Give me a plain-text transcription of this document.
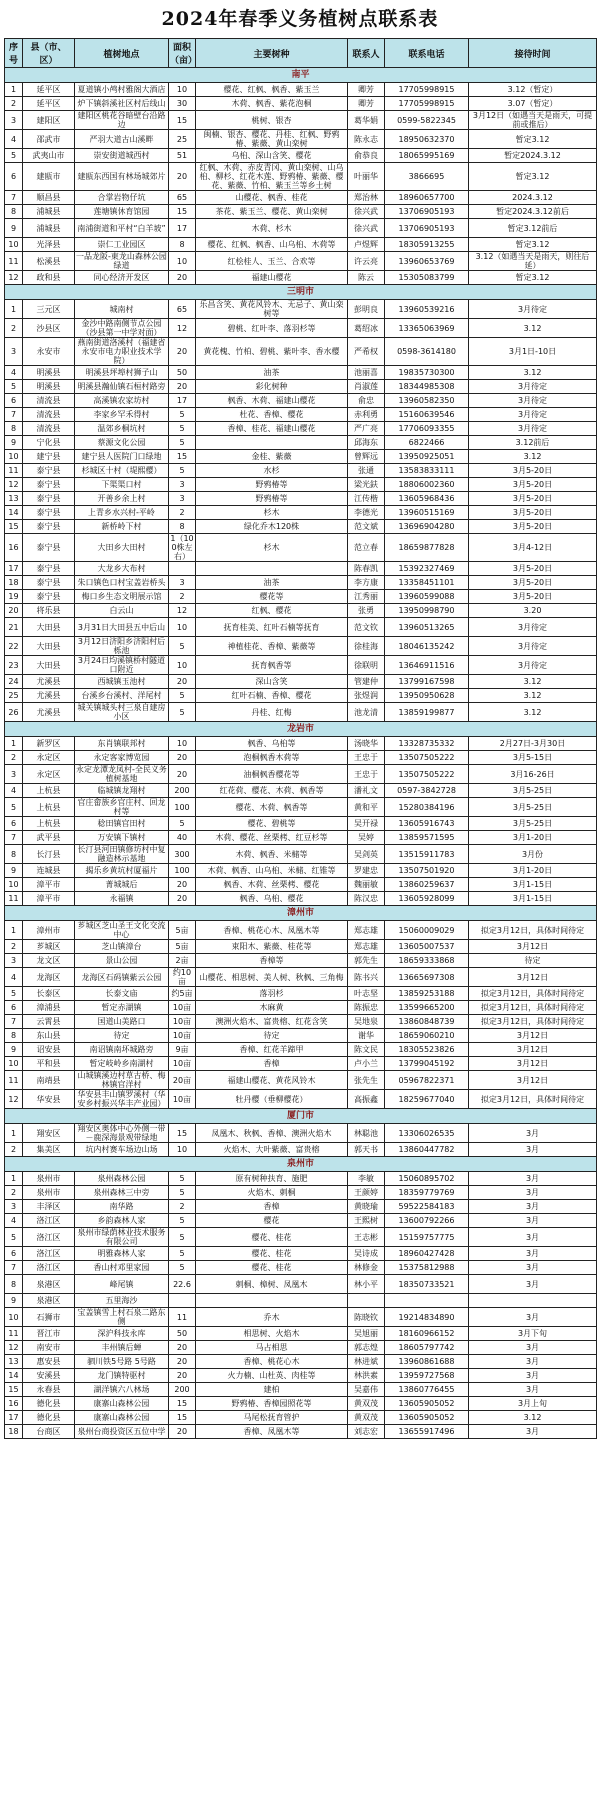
2024年春季义务植树点联系表
序号	县（市、区）	植树地点	面积（亩）	主要树种	联系人	联系电话	接待时间
南平							
1	延平区	夏道镇小鸬村雅阁大酒店	10	樱花、红枫、枫香、紫玉兰	卿芳	17705998915	3.12（暂定）
2	延平区	炉下镇斜溪社区村后线山	30	木荷、枫香、紫花泡桐	卿芳	17705998915	3.07（暂定）
3	建阳区	建阳区桃花谷暗壁台沿路边	15	桃树、银杏	葛华娟	0599-5822345	3月12日（如遇当天是雨天，可提前或推后）
4	邵武市	严羽大道古山溪畔	25	闽楠、银杏、樱花、丹桂、红枫、野鸦椿、紫薇、黄山栾树	陈永志	18950632370	暂定3.12
5	武夷山市	崇安街道城西村	51	乌桕、深山含笑、樱花	俞恭良	18065995169	暂定2024.3.12
6	建瓯市	建瓯东西国有林场城郊片	20	红枫、木荷、赤皮青冈、黄山栾树、山乌桕、柳杉、红花木莲、野鸦椿、紫薇、樱花、紫薇、竹柏、紫玉兰等乡土树	叶丽华	3866695	暂定3.12
7	顺昌县	合掌岩物仔坑	65	山樱花、枫香、桂花	郑治林	18960657700	2024.3.12
8	浦城县	莲塘镇休育馆园	15	茶花、紫玉兰、樱花、黄山栾树	徐兴武	13706905193	暂定2024.3.12前后
9	浦城县	南浦街道和平村“白羊坡”	17	木荷、杉木	徐兴武	13706905193	暂定3.12前后
10	光泽县	崇仁工业园区	8	樱花、红枫、枫香、山乌桕、木荷等	卢煜辉	18305913255	暂定3.12
11	松溪县	一品龙阪-東龙山森林公园绿道	10	红桧桂人、玉兰、合欢等	许云亮	13960653769	3.12（如遇当天是雨天，则往后延）
12	政和县	同心经济开发区	20	福建山樱花	陈云	15305083799	暂定3.12
三明市							
1	三元区	城南村	65	乐昌含笑、黄花风铃木、无忌子、黄山栾树等	彭明良	13960539216	3月待定
2	沙县区	金沙中路南侧节点公园（沙县第一中学对面）	12	碧桃、红叶李、落羽杉等	葛绍冰	13365063969	3.12
3	永安市	燕南街道洛溪村（福建省永安市电力职业技术学院）	20	黄花槐、竹柏、碧桃、紫叶李、香水樱	严希权	0598-3614180	3月1日-10日
4	明溪县	明溪县坪埠村狮子山	50	油茶	池丽喜	19835730300	3.12
5	明溪县	明溪县瀚仙镇石桓村路旁	20	彩化树种	肖淑莲	18344985308	3月待定
6	清流县	高溪镇农家坊村	17	枫香、木荷、福建山樱花	俞忠	13960582350	3月待定
7	清流县	李家乡罕禾得村	5	杜花、香樟、樱花	赤利勇	15160639546	3月待定
8	清流县	温郊乡桐坑村	5	香樟、桂花、福建山樱花	严广亮	17706093355	3月待定
9	宁化县	蔡源文化公园	5		邱海东	6822466	3.12前后
10	建宁县	建宁县人医院门口绿地	15	金桂、紫薇	曾辉远	13950925051	3.12
11	泰宁县	杉城区十村（堤熙樱）	5	水杉	张通	13583833111	3月5-20日
12	泰宁县	下渠渠口村	3	野鸦椿等	梁光鈇	18806002360	3月5-20日
13	泰宁县	开善乡余上村	3	野鸦椿等	江传楷	13605968436	3月5-20日
14	泰宁县	上青乡水兴村-平岭	2	杉木	李德光	13960515169	3月5-20日
15	泰宁县	新桥岭下村	8	绿化乔木120株	范文斌	13696904280	3月5-20日
16	泰宁县	大田乡大田村	1（100株左右）	杉木	范立春	18659877828	3月4-12日
17	泰宁县	大龙乡大布村			陈春凯	15392327469	3月5-20日
18	泰宁县	朱口镇色口村宝盖岩桥头	3	油茶	李方康	13358451101	3月5-20日
19	泰宁县	梅口乡生态文明展示馆	2	樱花等	江秀丽	13960599088	3月5-20日
20	将乐县	白云山	12	红枫、樱花	张勇	13950998790	3.20
21	大田县	3月31日大田县五中后山	10	抚育桂美、红叶石楠等抚育	范文钦	13960513265	3月待定
22	大田县	3月12日济阳乡济阳村后栎池	5	神植桂花、香樟、紫薇等	徐桂海	18046135242	3月待定
23	大田县	3月24日均溪镇桥村隧道口附近	10	抚育枫香等	徐联明	13646911516	3月待定
24	尤溪县	西城镇玉池村	20	深山含笑	管建仲	13799167598	3.12
25	尤溪县	台溪乡台溪村、洋尾村	5	红叶石楠、香樟、樱花	张煜润	13950950628	3.12
26	尤溪县	城关镇城头村三泉自建房小区	5	丹桂、红梅	池龙清	13859199877	3.12
龙岩市							
1	新罗区	东肖镇联邦村	10	枫香、乌桕等	汤晓华	13328735332	2月27日-3月30日
2	永定区	永定客家博览园	20	泡桐枫香木荷等	王忠于	13507505222	3月5-15日
3	永定区	永定龙潭龙凤村-全民义务植树基地	20	油桐枫香樱花等	王忠于	13507505222	3月16-26日
4	上杭县	临城镇龙翔村	200	红花荷、樱花、木荷、枫香等	潘礼文	0597-3842728	3月5-25日
5	上杭县	官庄畲族乡官庄村、回龙村等	100	樱花、木荷、枫香等	黄和平	15280384196	3月5-25日
6	上杭县	稔田镇官田村	5	樱花、碧桃等	吴开禄	13605916743	3月5-25日
7	武平县	万安镇下镇村	40	木荷、樱花、丝栗栲、红豆杉等	吴婷	13859571595	3月1-20日
8	长汀县	长汀县河田镇修坊村中复融造林示基地	300	木荷、枫香、米槠等	吴剑英	13515911783	3月份
9	连城县	揭乐乡黄坑村厦福片	100	木荷、枫香、山乌桕、米槠、红锥等	罗建忠	13507501920	3月1-20日
10	漳平市	菁城城后	20	枫香、木荷、丝栗栲、樱花	魏丽敏	13860259637	3月1-15日
11	漳平市	永福镇	20	枫香、乌桕、樱花	陈汉忠	13605928099	3月1-15日
漳州市							
1	漳州市	芗城区芝山圣王文化交流中心	5亩	香樟、桃花心木、凤凰木等	郑志雄	15060009029	拟定3月12日，具体时间待定
2	芗城区	芝山镇漳台	5亩	束阳木、紫薇、桂花等	郑志雄	13605007537	3月12日
3	龙文区	景山公园	2亩	香樟等	郭先生	18659333868	待定
4	龙海区	龙海区石码镇紫云公园	约10亩	山樱花、相思树、美人树、秋枫、三角梅	陈书兴	13665697308	3月12日
5	长泰区	长泰文庙	约5亩	落羽杉	叶志坚	13859253188	拟定3月12日，具体时间待定
6	漳浦县	暂定赤湖镇	10亩	木麻黄	陈振忠	13599665200	拟定3月12日，具体时间待定
7	云霄县	国道山美路口	10亩	澳洲火焰木、富贵榕、红花含笑	吴地泉	13860848739	拟定3月12日，具体时间待定
8	东山县	待定	10亩	待定	谢华	18659060210	3月12日
9	诏安县	南诏镇南坏城路旁	9亩	香樟、红花羊蹄甲	陈文民	18305523826	3月12日
10	平和县	暂定岐岭乡南湖村	10亩	香樟	卢小兰	13799045192	3月12日
11	南靖县	山城镇溪边村草古桥、梅林镇官洋村	20亩	福建山樱花、黄花风铃木	张先生	05967822371	3月12日
12	华安县	华安县丰山镇罗溪村（华安乡村振兴华丰产业园）	10亩	牡丹樱（垂柳樱花）	高振鑫	18259677040	拟定3月12日，具体时间待定
厦门市							
1	翔安区	翔安区奥体中心外侧一带－鹿深海景观带绿地	15	凤凰木、秋枫、香樟、澳洲火焰木	林聪池	13306026535	3月
2	集美区	坑内村赛车场边山场	10	火焰木、大叶紫薇、富贵榕	郭天书	13860447782	3月
泉州市							
1	泉州市	泉州森林公园	5	原有树种扶育、施肥	李敏	15060895702	3月
2	泉州市	泉州森林三中旁	5	火焰木、刺桐	王颜婷	18359779769	3月
3	丰泽区	南华路	2	香樟	黄晓瑜	59522584183	3月
4	洛江区	乡韵森林人家	5	樱花	王熙树	13600792266	3月
5	洛江区	泉州市绿荫林业技术服务有限公司	5	樱花、桂花	王志彬	15159757775	3月
6	洛江区	明雅森林人家	5	樱花、桂花	吴诗成	18960427428	3月
7	洛江区	香山村邓里家园	5	樱花、桂花	林修金	15375812988	3月
8	泉港区	峰尾镇	22.6	刺桐、樟树、凤凰木	林小平	18350733521	3月
9	泉港区	五里海沙					
10	石狮市	宝盖镇雪上村石泉二路东侧	11	乔木	陈晓钦	19214834890	3月
11	晋江市	深沪科技永库	50	相思树、火焰木	吴旭丽	18160966152	3月下旬
12	南安市	丰州镇后蝉	20	马占相思	郭志煌	18605797742	3月
13	惠安县	驷川铁5号路 5号路	20	香樟、桃花心木	林进斌	13960861688	3月
14	安溪县	龙门镇特驱村	20	火力楠、山杜英、肉桂等	林洪素	13959727568	3月
15	永春县	湖洋镇六八林场	200	建柏	吴嘉伟	13860776455	3月
16	德化县	康寨山森林公园	15	野鸦椿、香樟园照花等	黄双茂	13605905052	3月上旬
17	德化县	康寨山森林公园	15	马尾松抚育管护	黄双茂	13605905052	3.12
18	台商区	泉州台商投资区五位中学	20	香樟、凤凰木等	刘志宏	13655917496	3月
